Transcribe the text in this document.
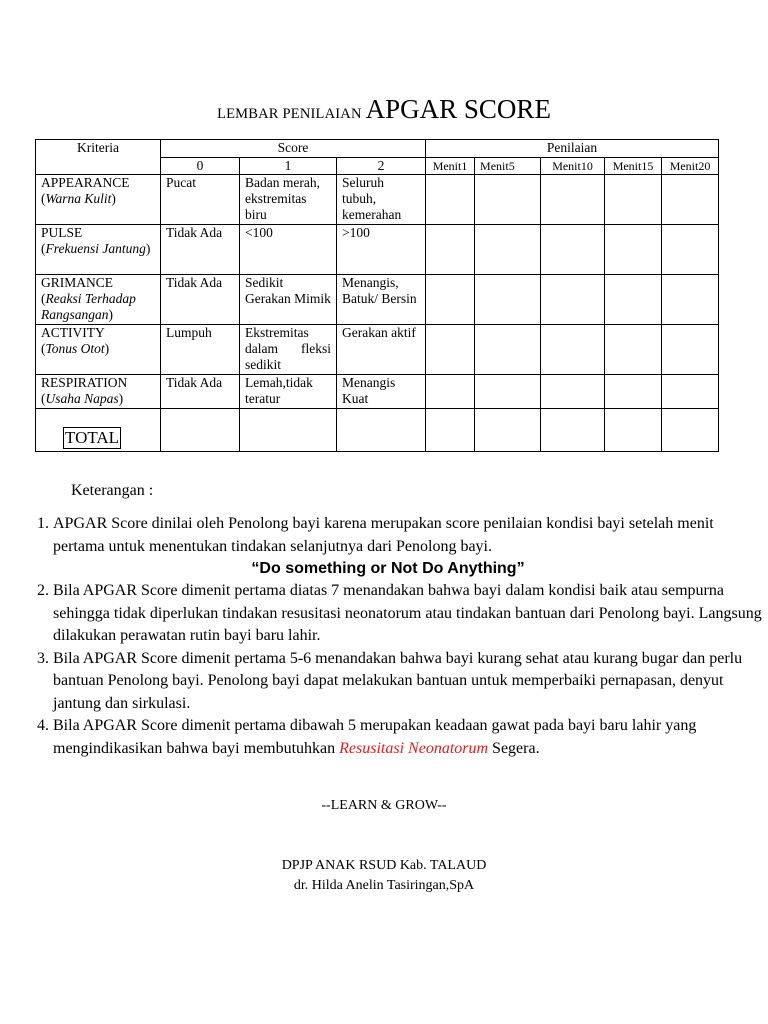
LEMBAR PENILAIAN APGAR SCORE
Kriteria	Score			Penilaian				
	0	1	2	Menit1	Menit5	Menit10	Menit15	Menit20
APPEARANCE
(Warna Kulit)	Pucat	Badan merah, ekstremitas biru	Seluruh tubuh, kemerahan					
PULSE
(Frekuensi Jantung)	Tidak Ada	<100	>100					
GRIMANCE
(Reaksi Terhadap Rangsangan)	Tidak Ada	Sedikit Gerakan Mimik	Menangis, Batuk/ Bersin					
ACTIVITY
(Tonus Otot)	Lumpuh	Ekstremitas dalam fleksi sedikit	Gerakan aktif					
RESPIRATION
(Usaha Napas)	Tidak Ada	Lemah,tidak teratur	Menangis Kuat					
TOTAL								
Keterangan :
1. APGAR Score dinilai oleh Penolong bayi karena merupakan score penilaian kondisi bayi setelah menit pertama untuk menentukan tindakan selanjutnya dari Penolong bayi.
“Do something or Not Do Anything”
2. Bila APGAR Score dimenit pertama diatas 7 menandakan bahwa bayi dalam kondisi baik atau sempurna sehingga tidak diperlukan tindakan resusitasi neonatorum atau tindakan bantuan dari Penolong bayi. Langsung dilakukan perawatan rutin bayi baru lahir.
3. Bila APGAR Score dimenit pertama 5-6 menandakan bahwa bayi kurang sehat atau kurang bugar dan perlu bantuan Penolong bayi. Penolong bayi dapat melakukan bantuan untuk memperbaiki pernapasan, denyut jantung dan sirkulasi.
4. Bila APGAR Score dimenit pertama dibawah 5 merupakan keadaan gawat pada bayi baru lahir yang mengindikasikan bahwa bayi membutuhkan Resusitasi Neonatorum Segera.
--LEARN & GROW--
DPJP ANAK RSUD Kab. TALAUD
dr. Hilda Anelin Tasiringan,SpA
